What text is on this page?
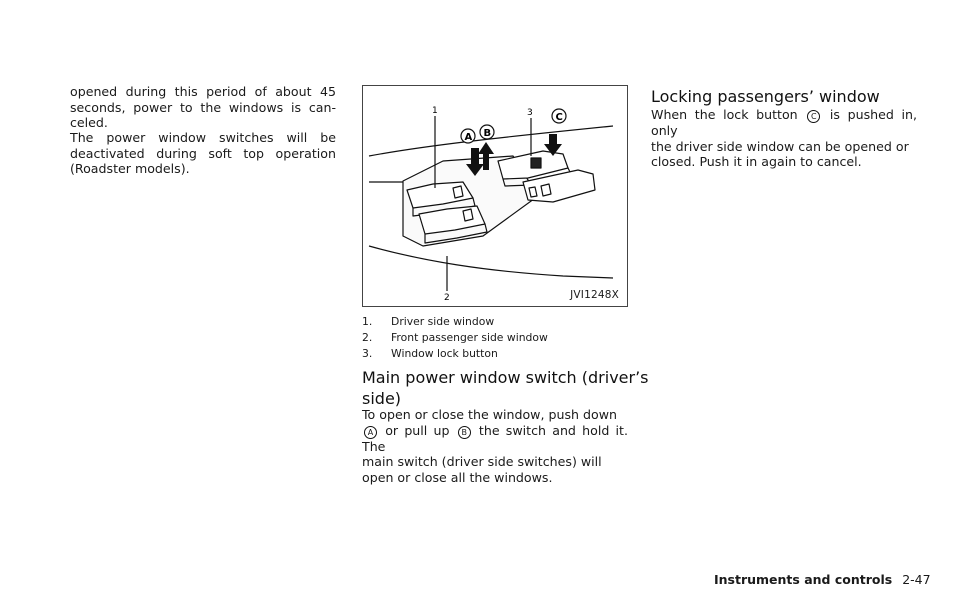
opened during this period of about 45 seconds, power to the windows is can-celed.

The power window switches will be deactivated during soft top operation (Roadster models).

1
2
3
A B
C
JVI1248X
1. Driver side window
2. Front passenger side window
3. Window lock button
Main power window switch (driver’s
side)

To open or close the window, push down

A or pull up B the switch and hold it. The

main switch (driver side switches) will

open or close all the windows.

Locking passengers’ window

When the lock button C is pushed in, only

the driver side window can be opened or

closed. Push it in again to cancel.

Instruments and controls 2-47
